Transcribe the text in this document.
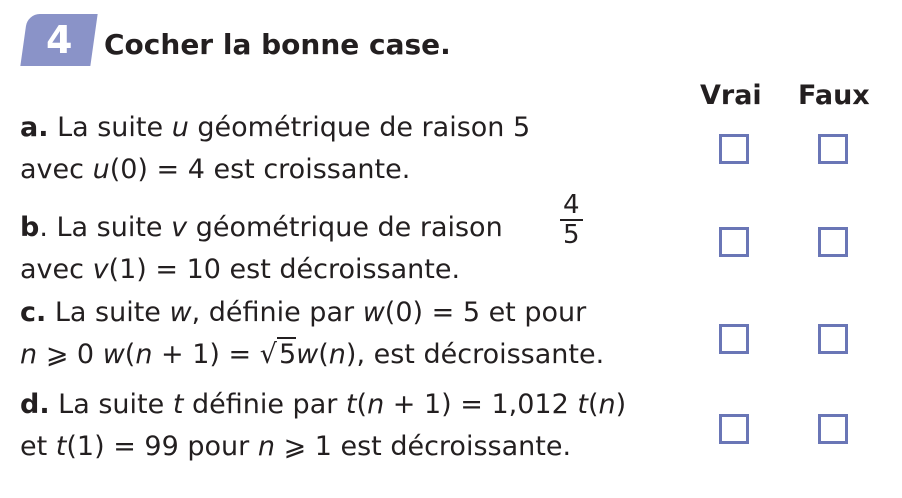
4 Cocher la bonne case.
Vrai Faux
a. La suite u géométrique de raison 5
avec u(0) = 4 est croissante.
b. La suite v géométrique de raison $\frac{4}{5}$
avec v(1) = 10 est décroissante.
c. La suite w, définie par w(0) = 5 et pour
n ⩾ 0 w(n + 1) = √5w(n), est décroissante.
d. La suite t définie par t(n + 1) = 1,012 t(n)
et t(1) = 99 pour n ⩾ 1 est décroissante.
